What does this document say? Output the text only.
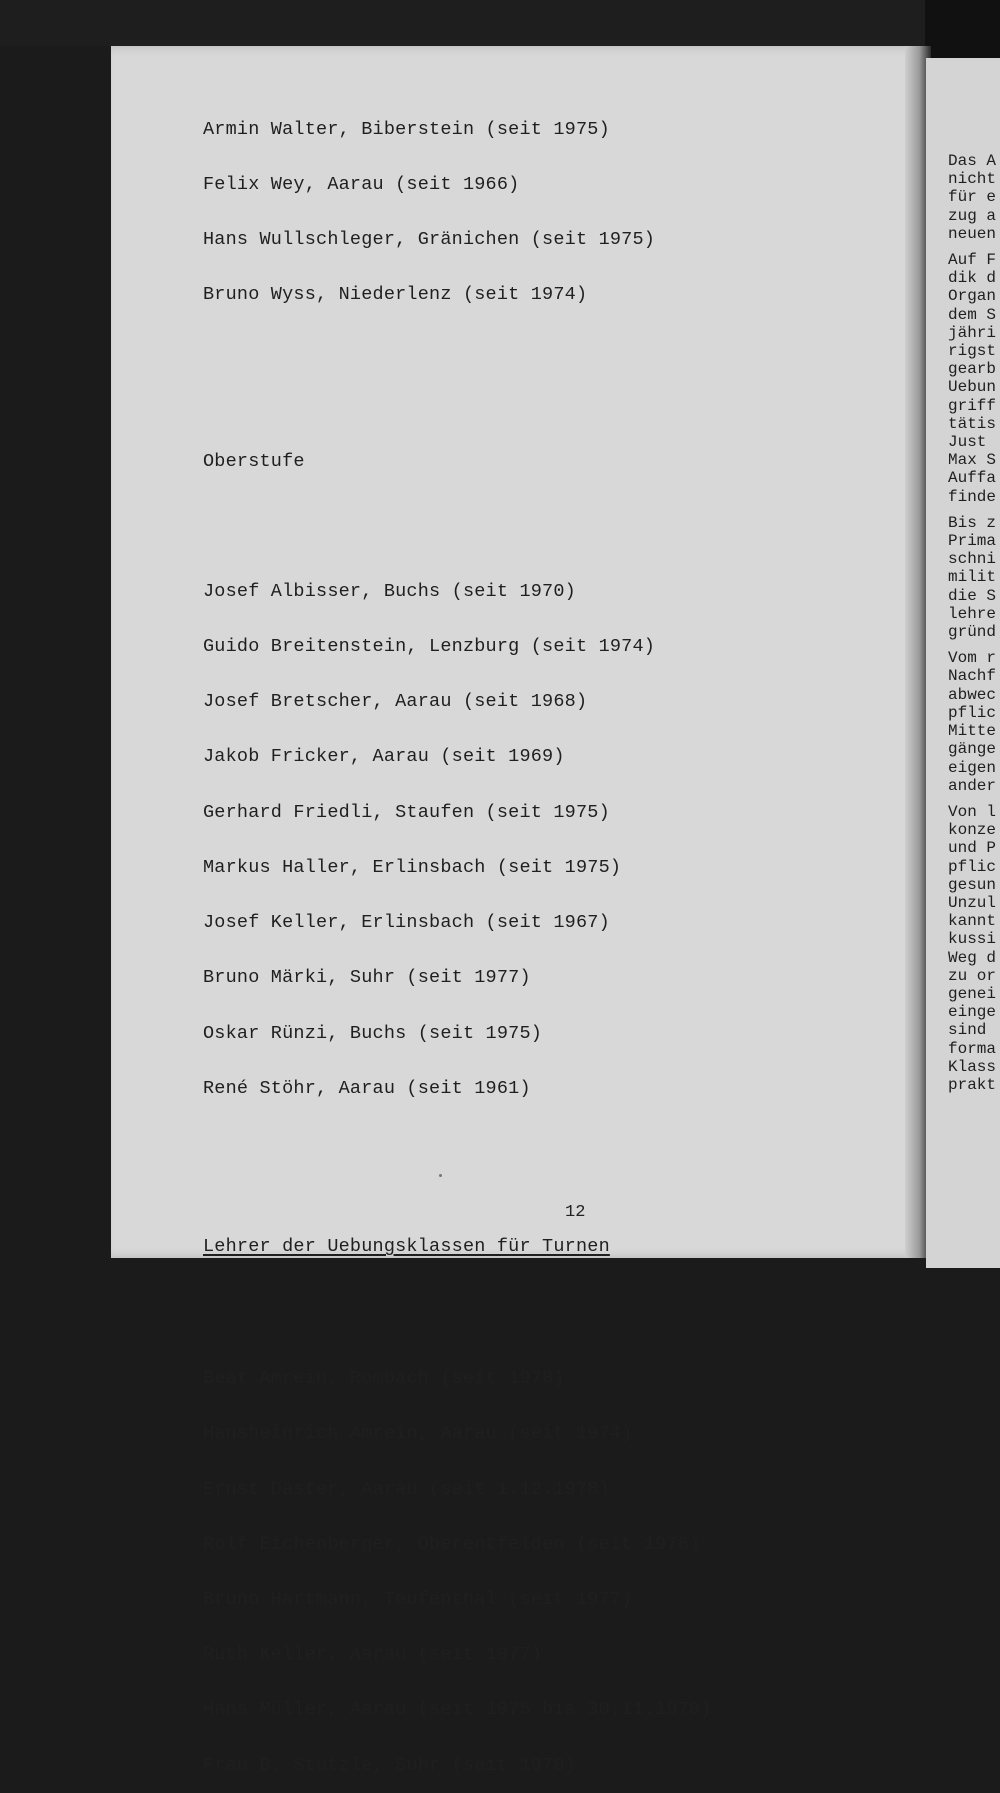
Armin Walter, Biberstein (seit 1975)

Felix Wey, Aarau (seit 1966)

Hans Wullschleger, Gränichen (seit 1975)

Bruno Wyss, Niederlenz (seit 1974)

Oberstufe

Josef Albisser, Buchs (seit 1970)

Guido Breitenstein, Lenzburg (seit 1974)

Josef Bretscher, Aarau (seit 1968)

Jakob Fricker, Aarau (seit 1969)

Gerhard Friedli, Staufen (seit 1975)

Markus Haller, Erlinsbach (seit 1975)

Josef Keller, Erlinsbach (seit 1967)

Bruno Märki, Suhr (seit 1977)

Oskar Rünzi, Buchs (seit 1975)

René Stöhr, Aarau (seit 1961)

Lehrer der Uebungsklassen für Turnen

Beat Amrein, Rombach (seit 1978)

Hansheinrich Amrein, Aarau (seit 1974)

Ernst Däster, Aarau (seit 1.12.1978)

Rolf Eichenberger, Oberentfelden (seit 1978)

Bruno Hartmann, Teufenthal (seit 1977)

Ruth Keller, Aarau (seit 1977)

Hans Müller, Aarau (seit 1975 bis 30.11.1978)

Frau B. Stützle, Suhr (seit 1978)

12
Das A
nicht
für e
zug a
neuen
Auf F
dik d
Organ
dem S
jähri
rigst
gearb
Uebun
griff
tätis
Just
Max S
Auffa
finde
Bis z
Prima
schni
milit
die S
lehre
gründ
Vom r
Nachf
abwec
pflic
Mitte
gänge
eigen
ander
Von l
konze
und P
pflic
gesun
Unzul
kannt
kussi
Weg d
zu or
genei
einge
sind
forma
Klass
prakt
